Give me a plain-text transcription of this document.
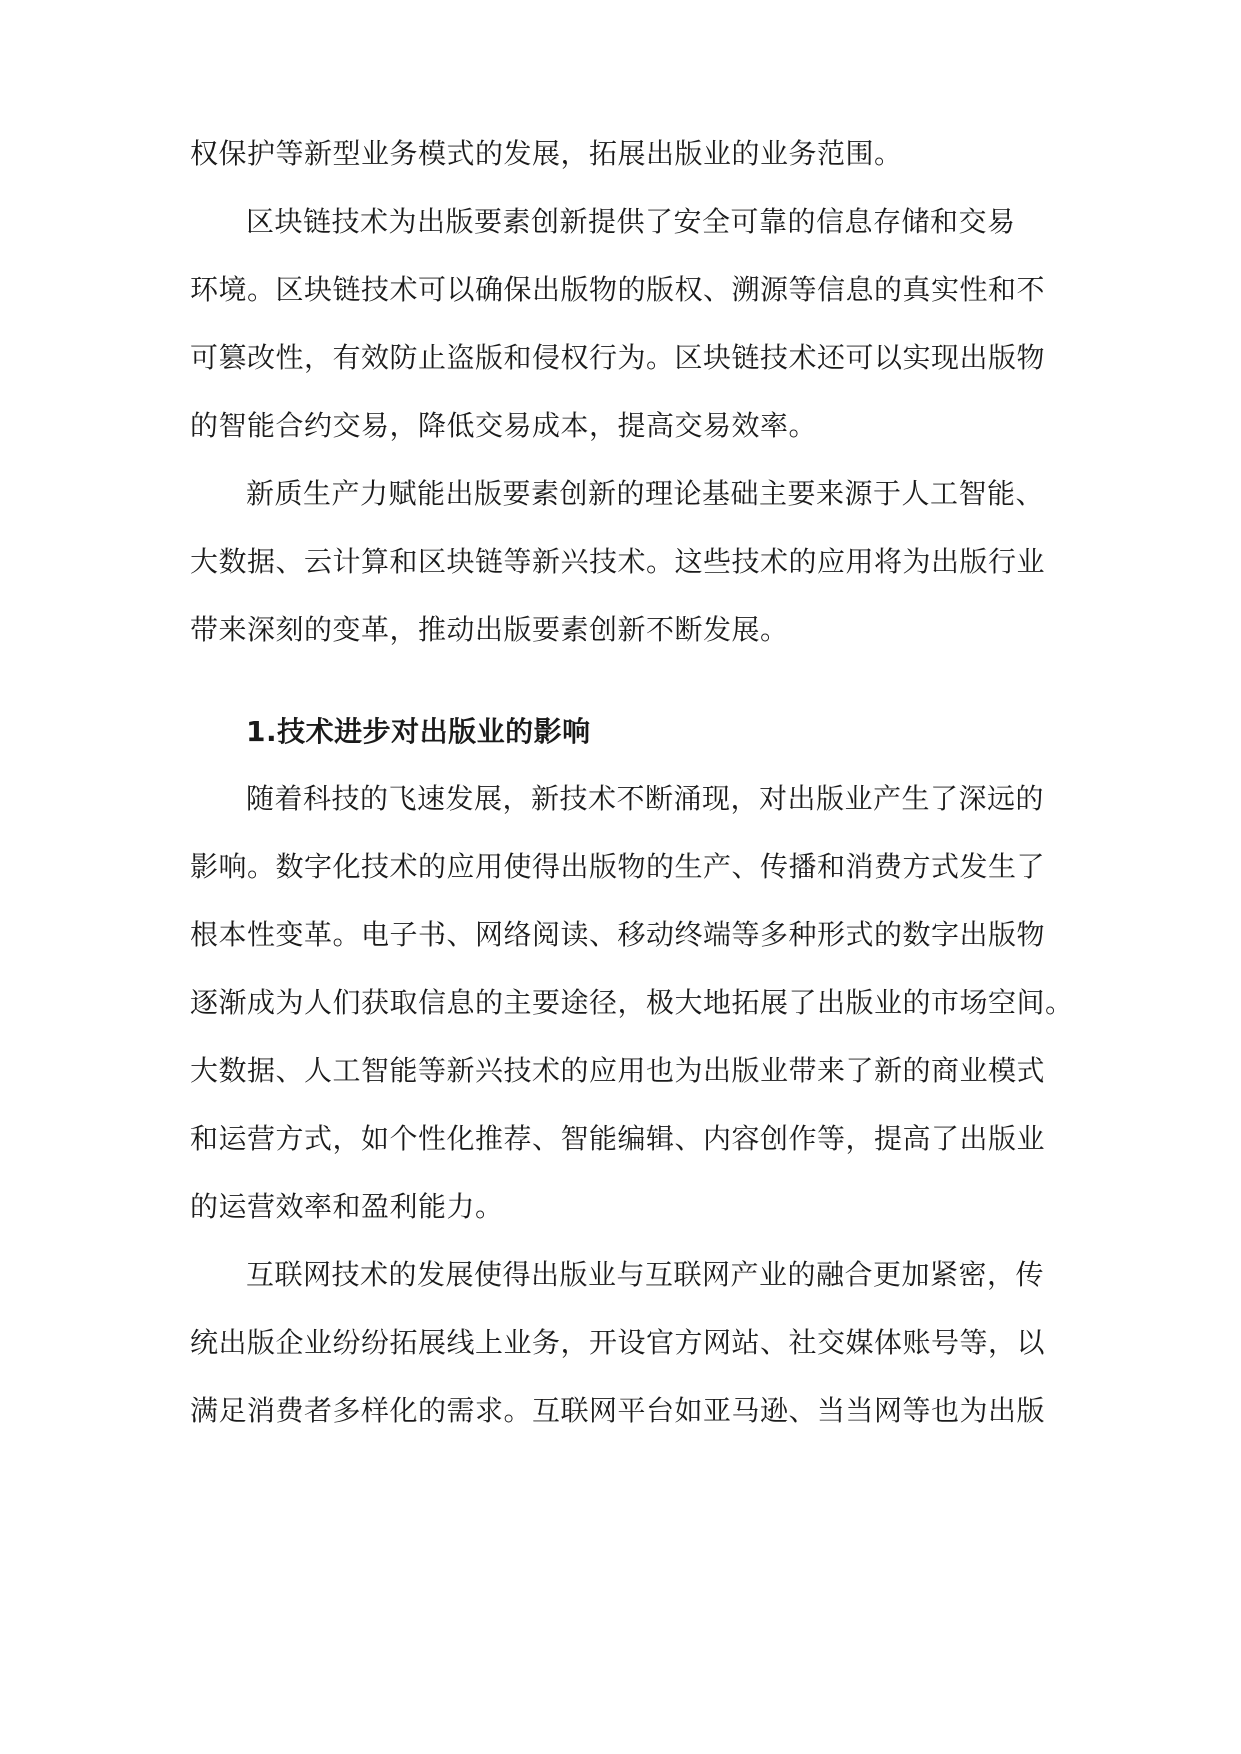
权保护等新型业务模式的发展，拓展出版业的业务范围。
区块链技术为出版要素创新提供了安全可靠的信息存储和交易
环境。区块链技术可以确保出版物的版权、溯源等信息的真实性和不
可篡改性，有效防止盗版和侵权行为。区块链技术还可以实现出版物
的智能合约交易，降低交易成本，提高交易效率。
新质生产力赋能出版要素创新的理论基础主要来源于人工智能、
大数据、云计算和区块链等新兴技术。这些技术的应用将为出版行业
带来深刻的变革，推动出版要素创新不断发展。
1.技术进步对出版业的影响
随着科技的飞速发展，新技术不断涌现，对出版业产生了深远的
影响。数字化技术的应用使得出版物的生产、传播和消费方式发生了
根本性变革。电子书、网络阅读、移动终端等多种形式的数字出版物
逐渐成为人们获取信息的主要途径，极大地拓展了出版业的市场空间。
大数据、人工智能等新兴技术的应用也为出版业带来了新的商业模式
和运营方式，如个性化推荐、智能编辑、内容创作等，提高了出版业
的运营效率和盈利能力。
互联网技术的发展使得出版业与互联网产业的融合更加紧密，传
统出版企业纷纷拓展线上业务，开设官方网站、社交媒体账号等，以
满足消费者多样化的需求。互联网平台如亚马逊、当当网等也为出版
